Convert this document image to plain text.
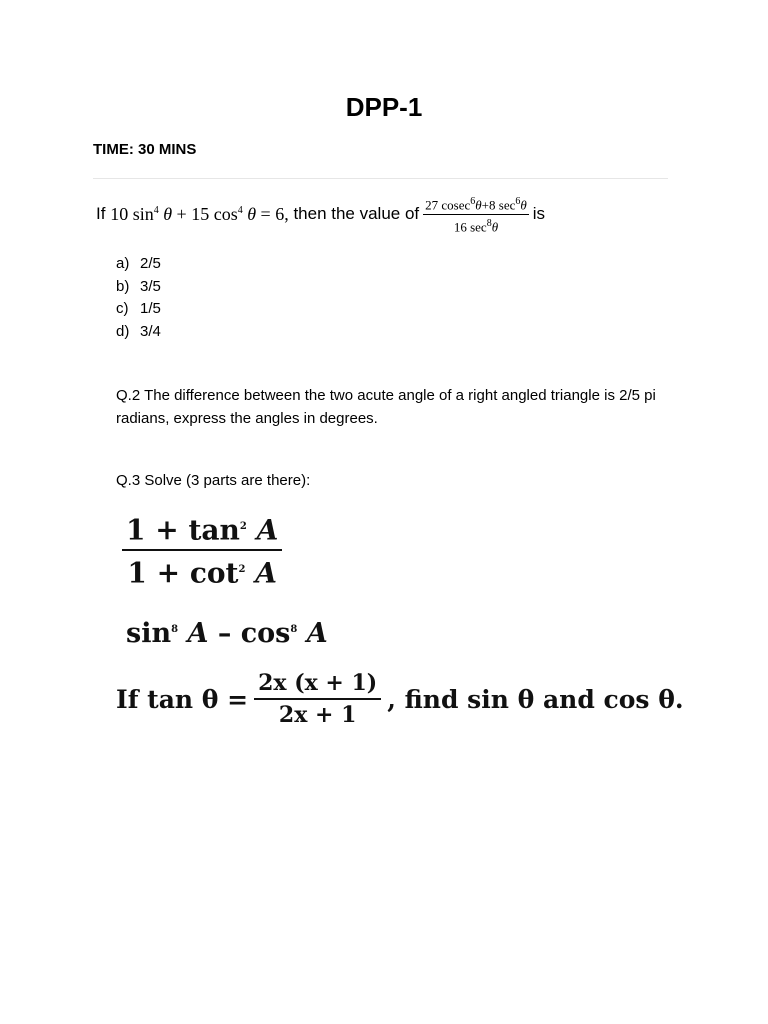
DPP-1
TIME: 30 MINS
If
10 $\sin^4 \theta + 15$ $\cos^4 \theta = 6$,
then the value of $\frac{27 cosec^6\theta+8 \sec^6\theta}{16 \sec^8\theta}$ is
a) 2/5
b) 3/5
c) 1/5
d) 3/4
Q.2 The difference between the two acute angle of a right angled triangle is 2/5 pi radians, express the angles in degrees.
Q.3 Solve (3 parts are there):
$\frac{1 + \tan^2 A}{1 + \cot^2 A}$
$\sin^8 A - \cos^8 A$
If $\tan \theta = \frac{2x (x + 1)}{2x + 1}$ , find sin θ and cos θ.
